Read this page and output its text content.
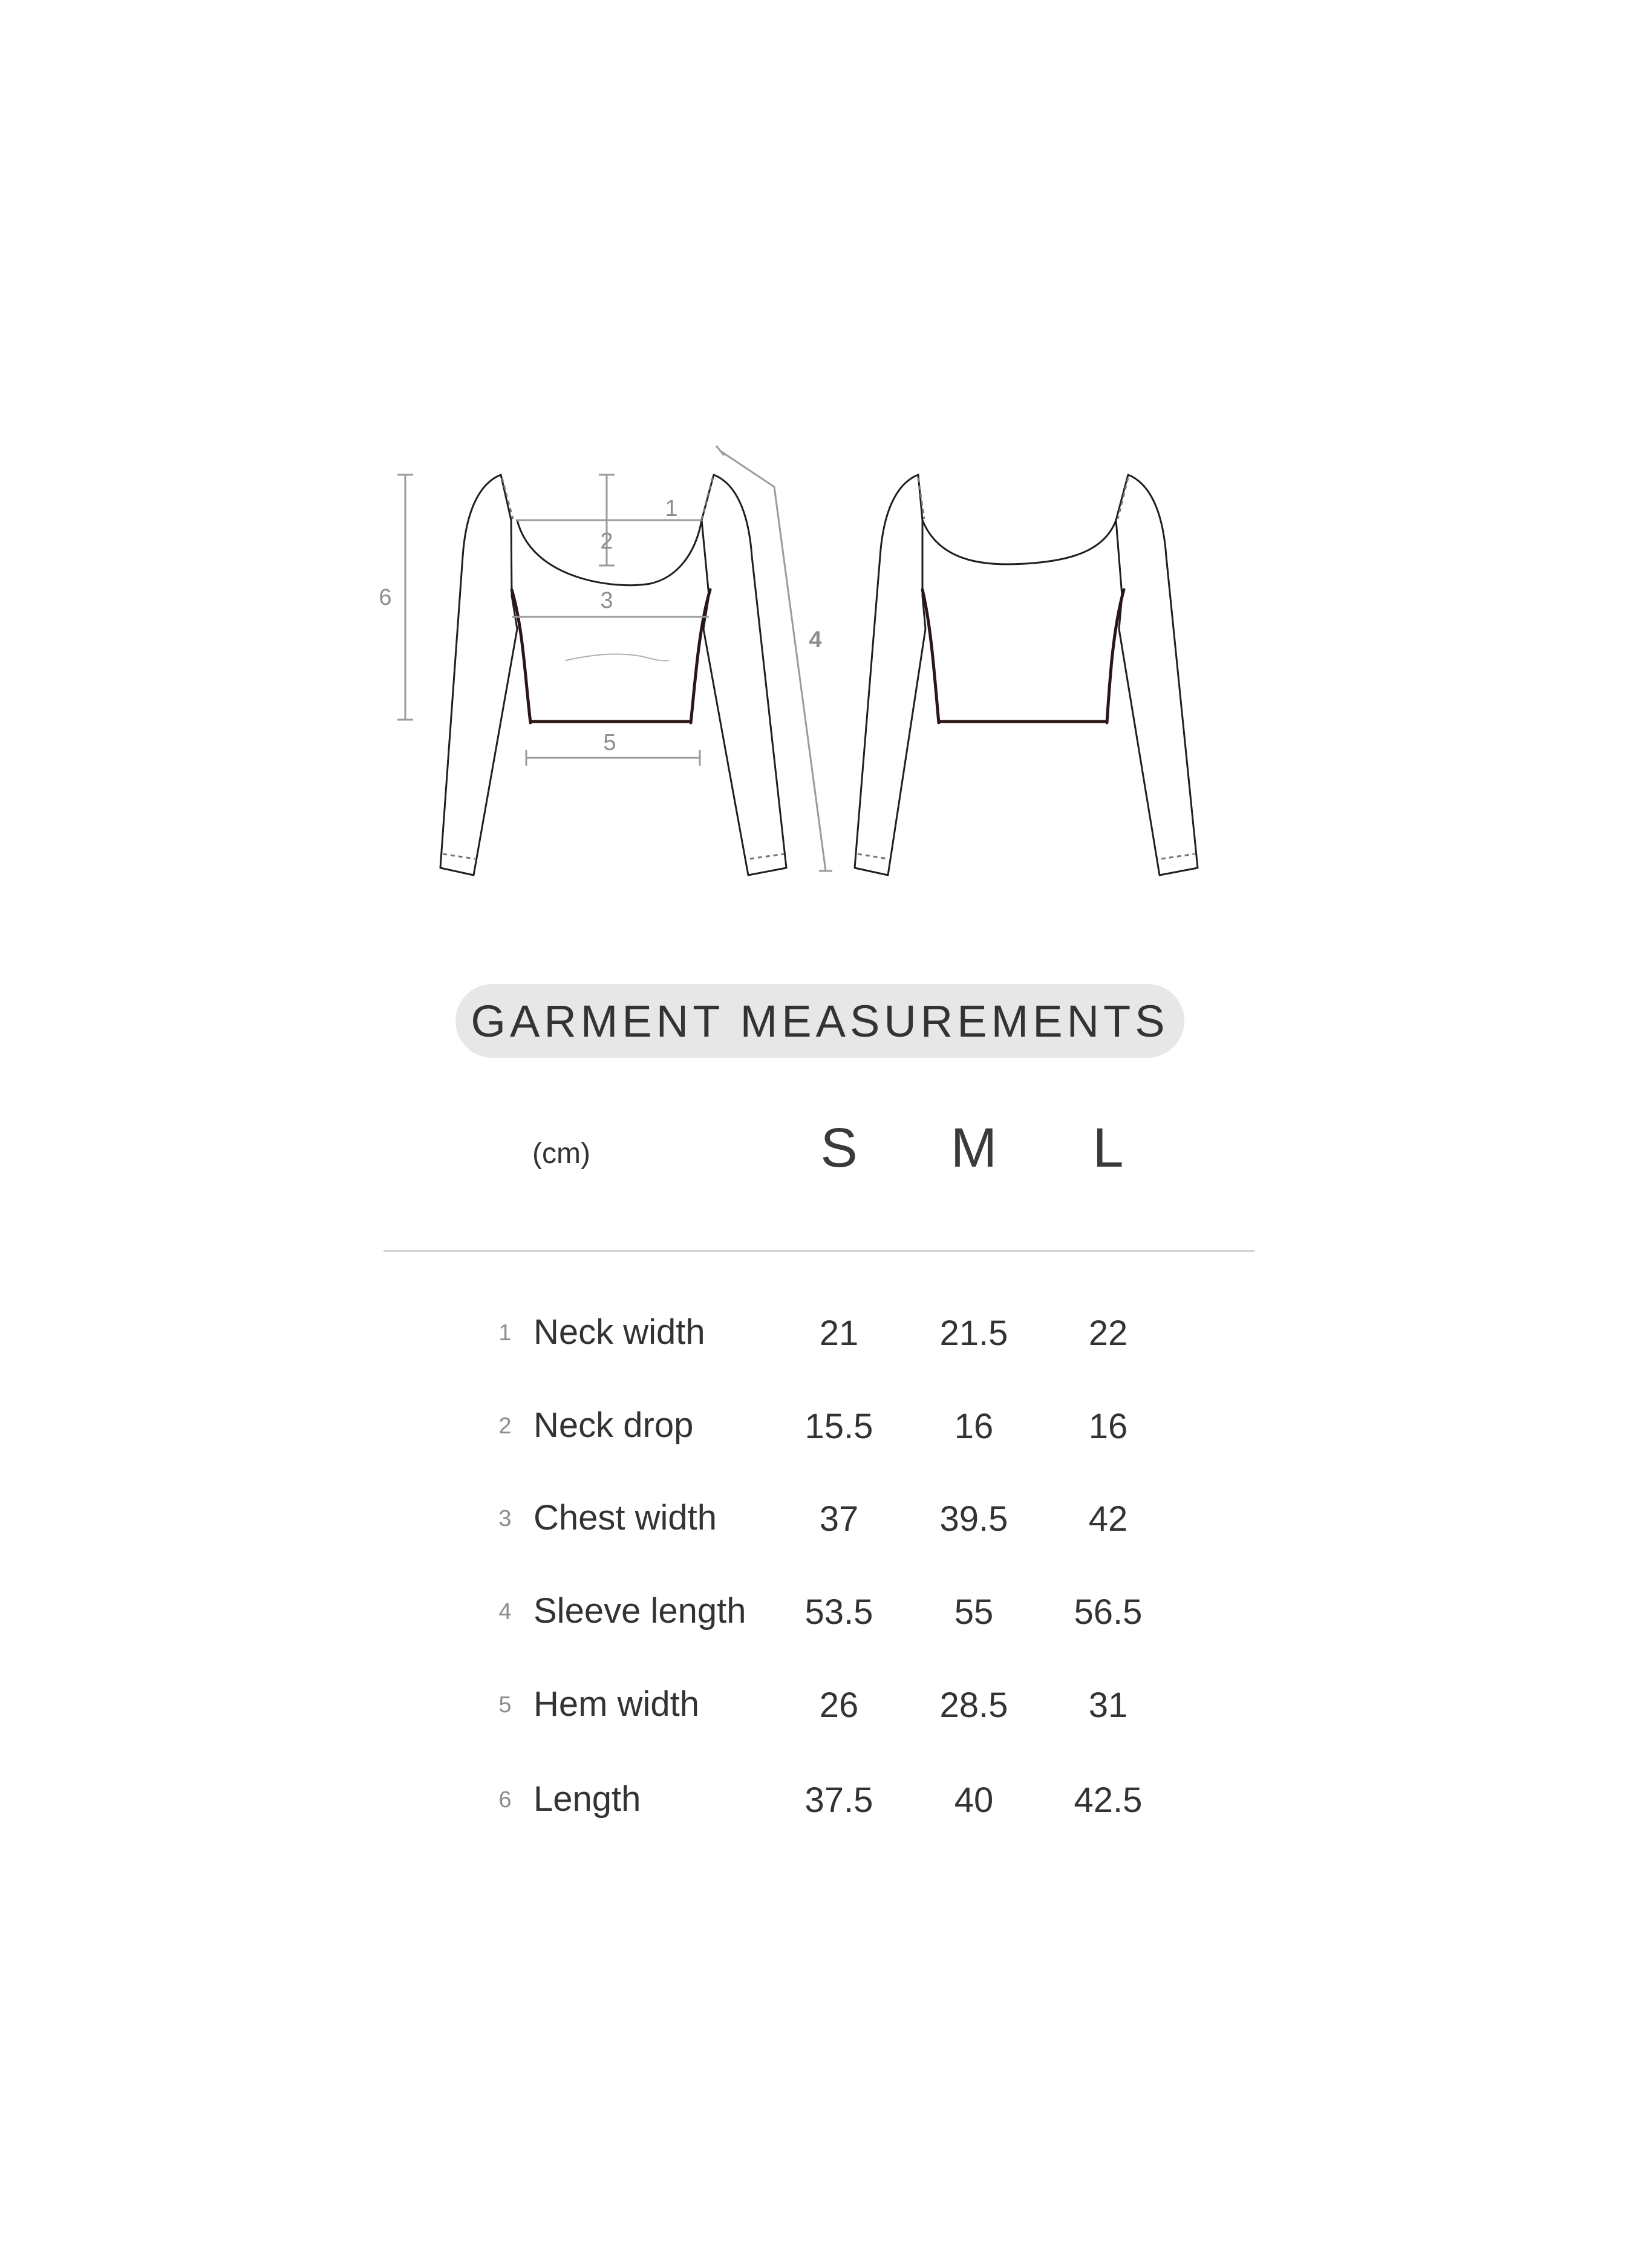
1
2
3
4
5
6
GARMENT MEASUREMENTS
(cm)	S	M	L
1 Neck width	21	21.5	22
2 Neck drop	15.5	16	16
3 Chest width	37	39.5	42
4 Sleeve length	53.5	55	56.5
5 Hem width	26	28.5	31
6 Length	37.5	40	42.5
